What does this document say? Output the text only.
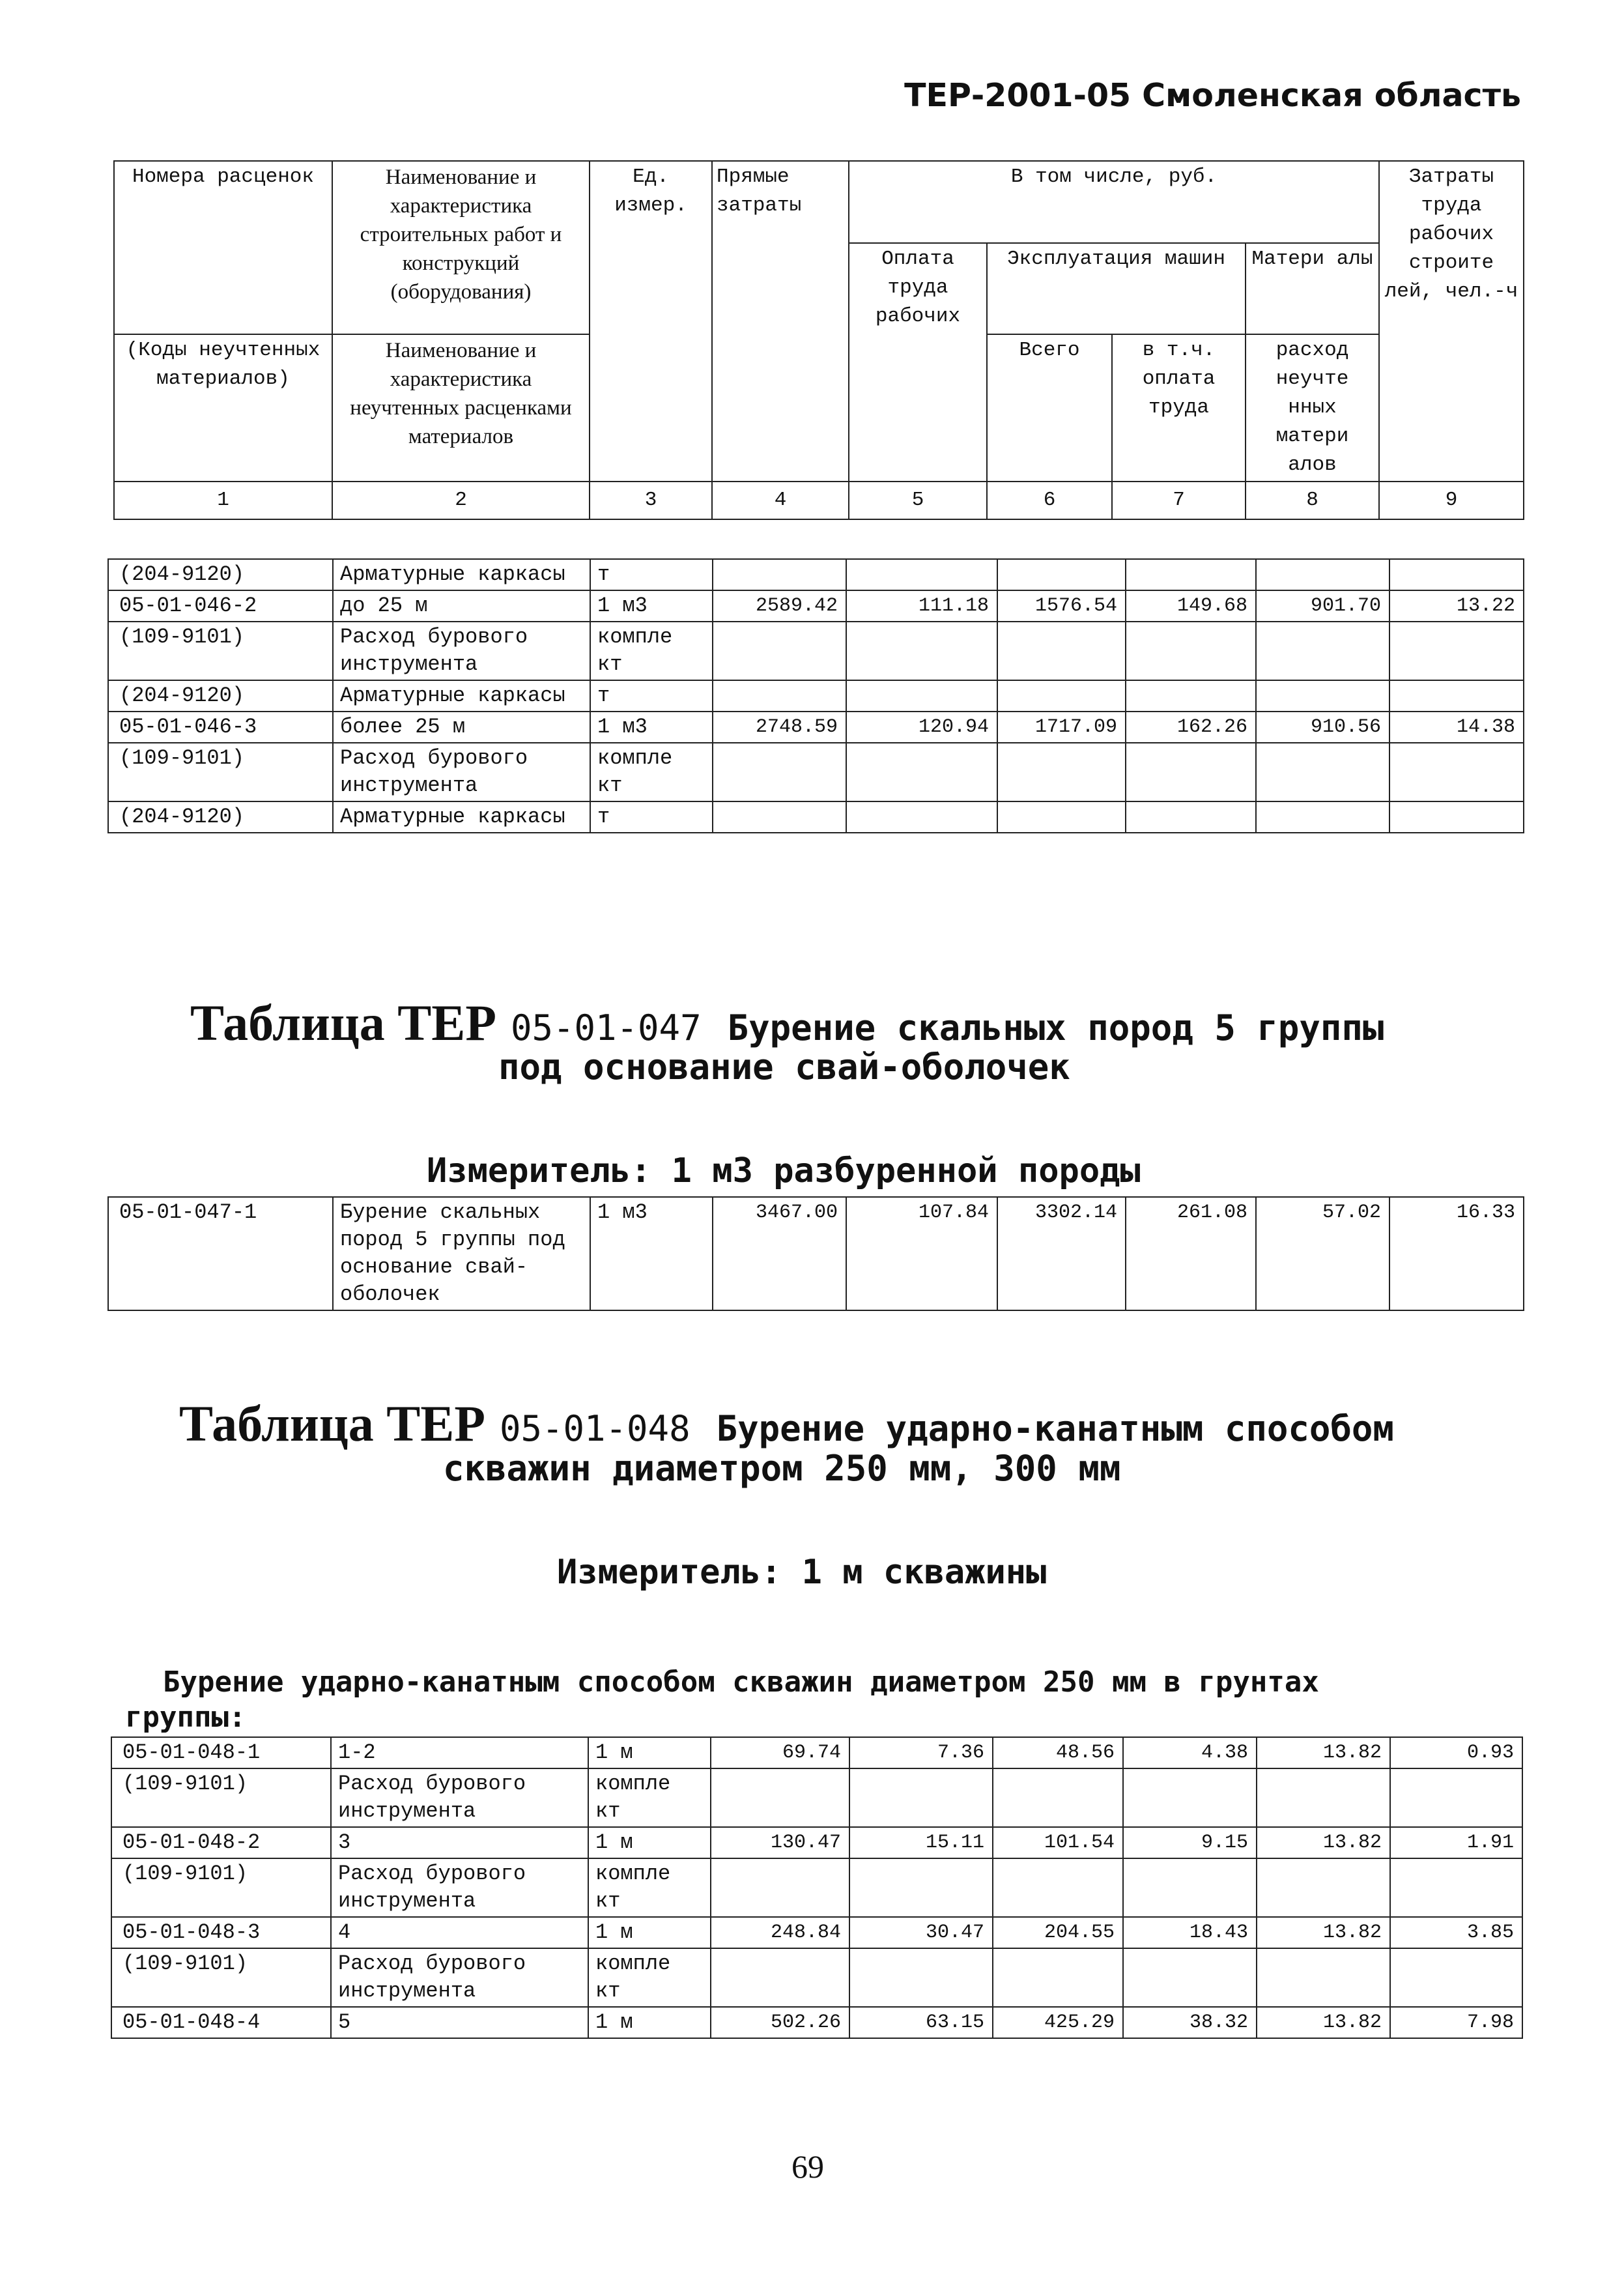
ТЕР-2001-05 Смоленская область
Номера расценок	Наименование и характеристика строительных работ и конструкций (оборудования)	Ед. измер.	Прямые затраты	В том числе, руб.				Затраты труда рабочих строите лей, чел.-ч
				Оплата труда рабочих	Эксплуатация машин		Матери алы	
(Коды неучтенных материалов)	Наименование и характеристика неучтенных расценками материалов				Всего	в т.ч. оплата труда	расход неучте нных матери алов	
1	2	3	4	5	6	7	8	9
(204-9120)	Арматурные каркасы	т						
05-01-046-2	до 25 м	1 м3	2589.42	111.18	1576.54	149.68	901.70	13.22
(109-9101)	Расход бурового инструмента	компле кт						
(204-9120)	Арматурные каркасы	т						
05-01-046-3	более 25 м	1 м3	2748.59	120.94	1717.09	162.26	910.56	14.38
(109-9101)	Расход бурового инструмента	компле кт						
(204-9120)	Арматурные каркасы	т						
Таблица ТЕР 05-01-047 Бурение скальных пород 5 группы
под основание свай-оболочек
Измеритель: 1 м3 разбуренной породы
05-01-047-1	Бурение скальных пород 5 группы под основание свай-оболочек	1 м3	3467.00	107.84	3302.14	261.08	57.02	16.33
Таблица ТЕР 05-01-048 Бурение ударно-канатным способом
скважин диаметром 250 мм, 300 мм
Измеритель: 1 м скважины
Бурение ударно-канатным способом скважин диаметром 250 мм в грунтах
группы:
05-01-048-1	1-2	1 м	69.74	7.36	48.56	4.38	13.82	0.93
(109-9101)	Расход бурового инструмента	компле кт						
05-01-048-2	3	1 м	130.47	15.11	101.54	9.15	13.82	1.91
(109-9101)	Расход бурового инструмента	компле кт						
05-01-048-3	4	1 м	248.84	30.47	204.55	18.43	13.82	3.85
(109-9101)	Расход бурового инструмента	компле кт						
05-01-048-4	5	1 м	502.26	63.15	425.29	38.32	13.82	7.98
69
